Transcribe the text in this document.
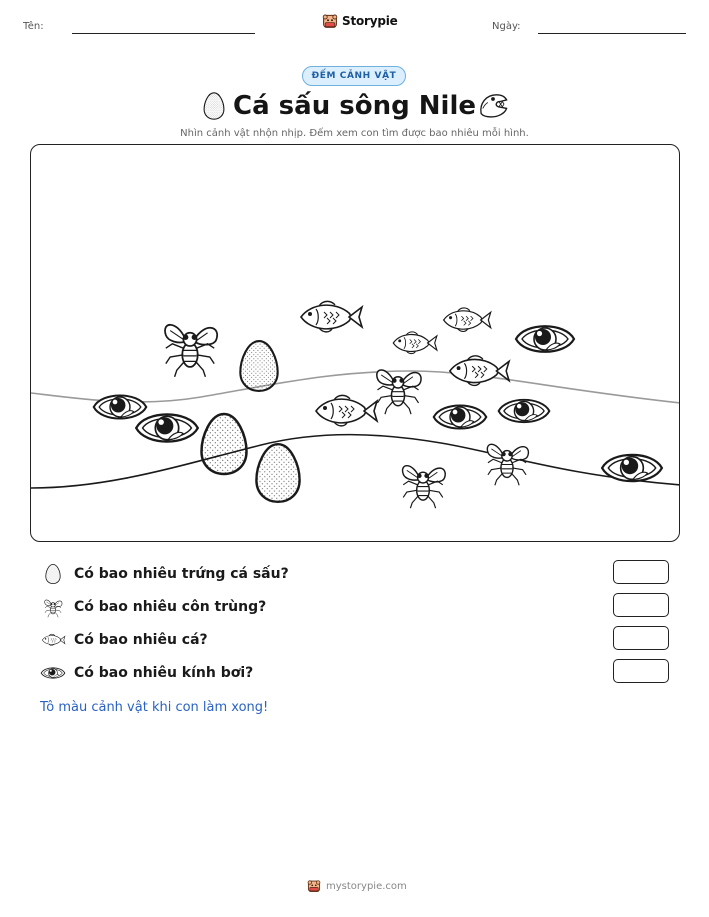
Tên:	Storypie	Ngày:
ĐẾM CẢNH VẬT
Cá sấu sông Nile
Nhìn cảnh vật nhộn nhịp. Đếm xem con tìm được bao nhiêu mỗi hình.
Có bao nhiêu trứng cá sấu?
Có bao nhiêu côn trùng?
Có bao nhiêu cá?
Có bao nhiêu kính bơi?
Tô màu cảnh vật khi con làm xong!
mystorypie.com
